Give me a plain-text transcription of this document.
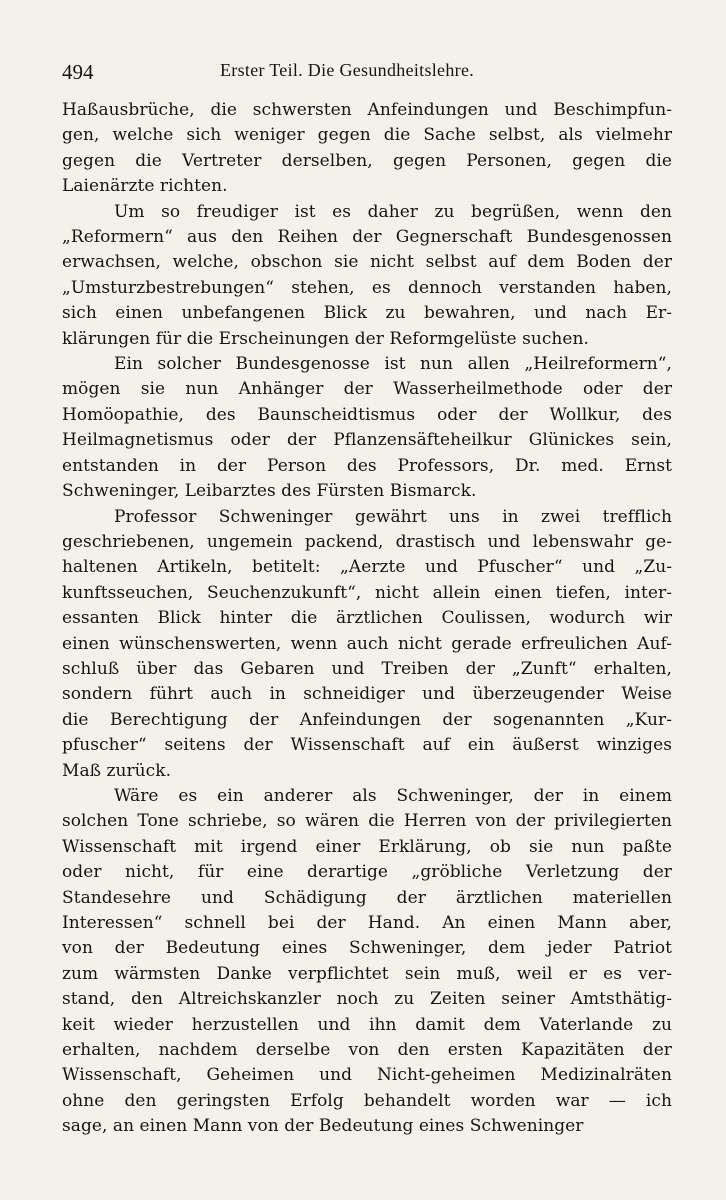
494	Erster Teil. Die Gesundheitslehre.
Haßausbrüche, die schwersten Anfeindungen und Beschimpfun-
gen, welche sich weniger gegen die Sache selbst, als vielmehr
gegen die Vertreter derselben, gegen Personen, gegen die
Laienärzte richten.
Um so freudiger ist es daher zu begrüßen, wenn den
„Reformern“ aus den Reihen der Gegnerschaft Bundesgenossen
erwachsen, welche, obschon sie nicht selbst auf dem Boden der
„Umsturzbestrebungen“ stehen, es dennoch verstanden haben,
sich einen unbefangenen Blick zu bewahren, und nach Er-
klärungen für die Erscheinungen der Reformgelüste suchen.
Ein solcher Bundesgenosse ist nun allen „Heilreformern“,
mögen sie nun Anhänger der Wasserheilmethode oder der
Homöopathie, des Baunscheidtismus oder der Wollkur, des
Heilmagnetismus oder der Pflanzensäfteheilkur Glünickes sein,
entstanden in der Person des Professors, Dr. med. Ernst
Schweninger, Leibarztes des Fürsten Bismarck.
Professor Schweninger gewährt uns in zwei trefflich
geschriebenen, ungemein packend, drastisch und lebenswahr ge-
haltenen Artikeln, betitelt: „Aerzte und Pfuscher“ und „Zu-
kunftsseuchen, Seuchenzukunft“, nicht allein einen tiefen, inter-
essanten Blick hinter die ärztlichen Coulissen, wodurch wir
einen wünschenswerten, wenn auch nicht gerade erfreulichen Auf-
schluß über das Gebaren und Treiben der „Zunft“ erhalten,
sondern führt auch in schneidiger und überzeugender Weise
die Berechtigung der Anfeindungen der sogenannten „Kur-
pfuscher“ seitens der Wissenschaft auf ein äußerst winziges
Maß zurück.
Wäre es ein anderer als Schweninger, der in einem
solchen Tone schriebe, so wären die Herren von der privilegierten
Wissenschaft mit irgend einer Erklärung, ob sie nun paßte
oder nicht, für eine derartige „gröbliche Verletzung der
Standesehre und Schädigung der ärztlichen materiellen
Interessen“ schnell bei der Hand. An einen Mann aber,
von der Bedeutung eines Schweninger, dem jeder Patriot
zum wärmsten Danke verpflichtet sein muß, weil er es ver-
stand, den Altreichskanzler noch zu Zeiten seiner Amtsthätig-
keit wieder herzustellen und ihn damit dem Vaterlande zu
erhalten, nachdem derselbe von den ersten Kapazitäten der
Wissenschaft, Geheimen und Nicht-geheimen Medizinalräten
ohne den geringsten Erfolg behandelt worden war — ich
sage, an einen Mann von der Bedeutung eines Schweninger
